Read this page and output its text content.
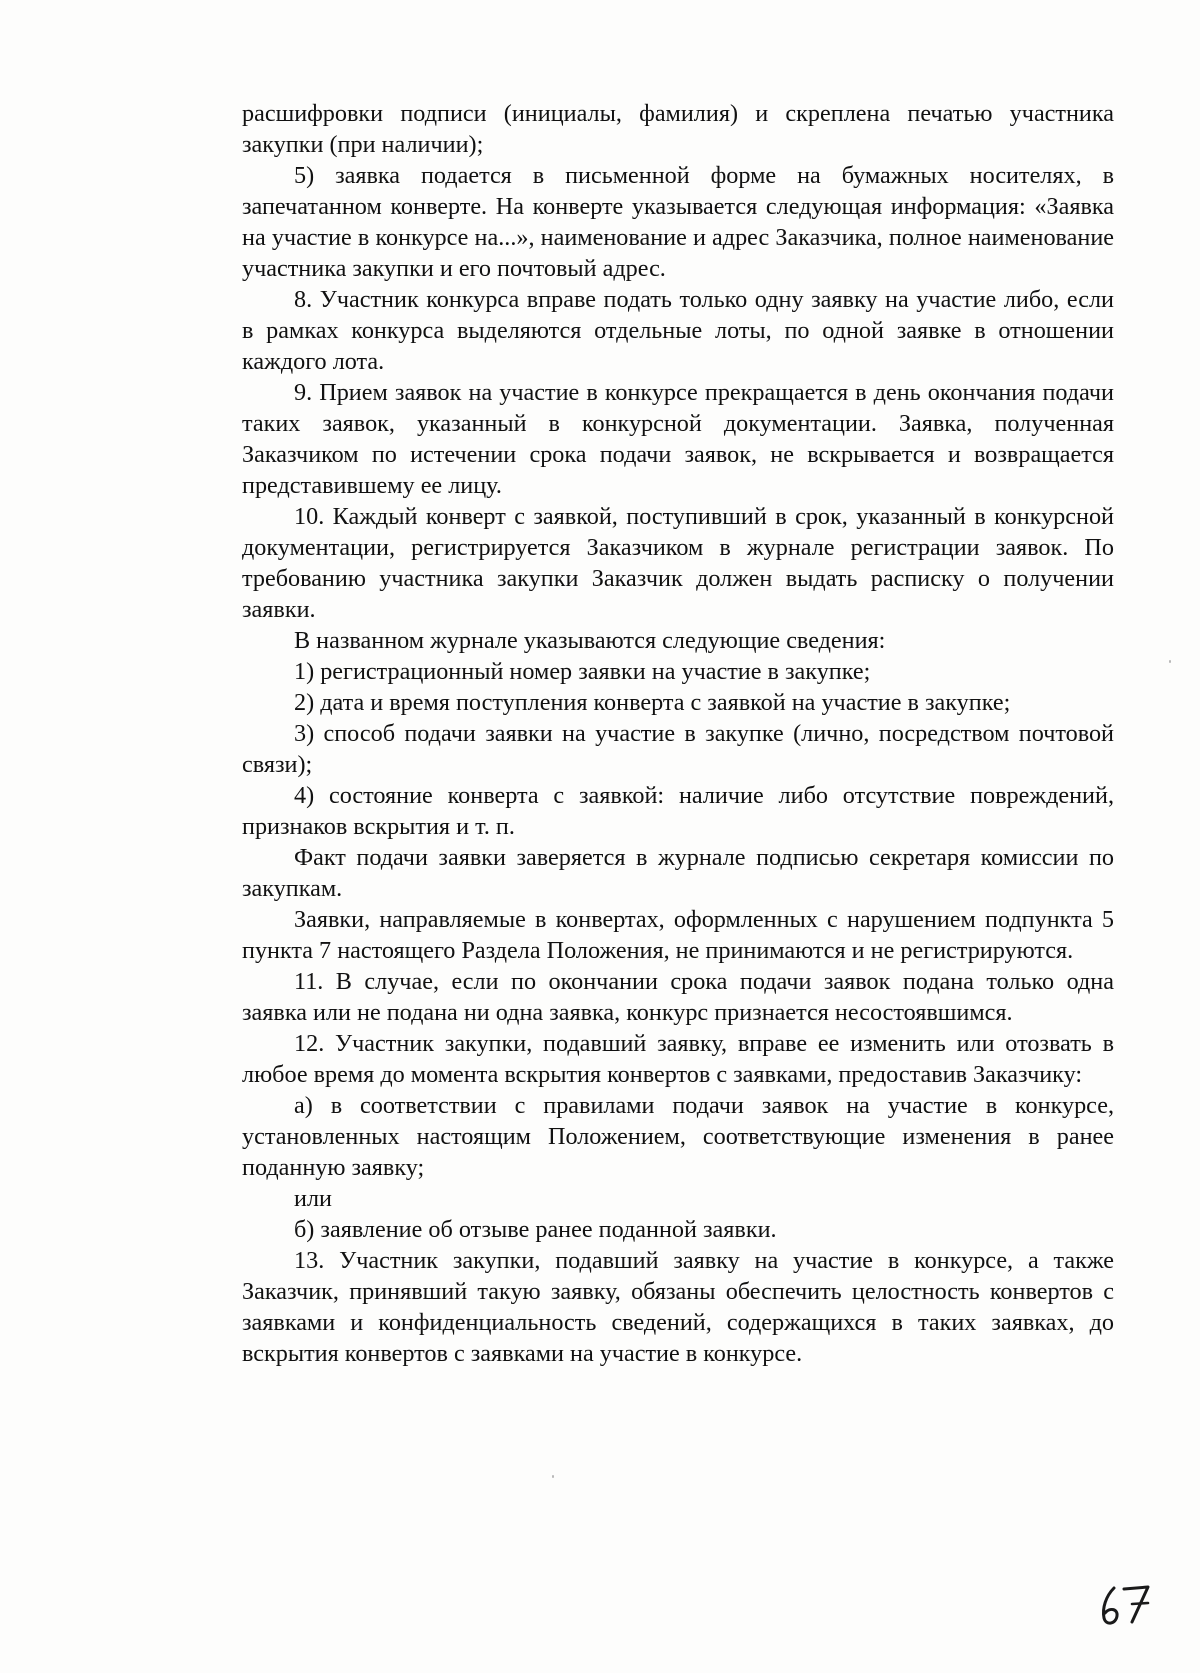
расшифровки подписи (инициалы, фамилия) и скреплена печатью участника закупки (при наличии);

5) заявка подается в письменной форме на бумажных носителях, в запечатанном конверте. На конверте указывается следующая информация: «Заявка на участие в конкурсе на...», наименование и адрес Заказчика, полное наименование участника закупки и его почтовый адрес.

8. Участник конкурса вправе подать только одну заявку на участие либо, если в рамках конкурса выделяются отдельные лоты, по одной заявке в отношении каждого лота.

9. Прием заявок на участие в конкурсе прекращается в день окончания подачи таких заявок, указанный в конкурсной документации. Заявка, полученная Заказчиком по истечении срока подачи заявок, не вскрывается и возвращается представившему ее лицу.

10. Каждый конверт с заявкой, поступивший в срок, указанный в конкурсной документации, регистрируется Заказчиком в журнале регистрации заявок. По требованию участника закупки Заказчик должен выдать расписку о получении заявки.

В названном журнале указываются следующие сведения:

1) регистрационный номер заявки на участие в закупке;

2) дата и время поступления конверта с заявкой на участие в закупке;

3) способ подачи заявки на участие в закупке (лично, посредством почтовой связи);

4) состояние конверта с заявкой: наличие либо отсутствие повреждений, признаков вскрытия и т. п.

Факт подачи заявки заверяется в журнале подписью секретаря комиссии по закупкам.

Заявки, направляемые в конвертах, оформленных с нарушением подпункта 5 пункта 7 настоящего Раздела Положения, не принимаются и не регистрируются.

11. В случае, если по окончании срока подачи заявок подана только одна заявка или не подана ни одна заявка, конкурс признается несостоявшимся.

12. Участник закупки, подавший заявку, вправе ее изменить или отозвать в любое время до момента вскрытия конвертов с заявками, предоставив Заказчику:

а) в соответствии с правилами подачи заявок на участие в конкурсе, установленных настоящим Положением, соответствующие изменения в ранее поданную заявку;

или

б) заявление об отзыве ранее поданной заявки.

13. Участник закупки, подавший заявку на участие в конкурсе, а также Заказчик, принявший такую заявку, обязаны обеспечить целостность конвертов с заявками и конфиденциальность сведений, содержащихся в таких заявках, до вскрытия конвертов с заявками на участие в конкурсе.
